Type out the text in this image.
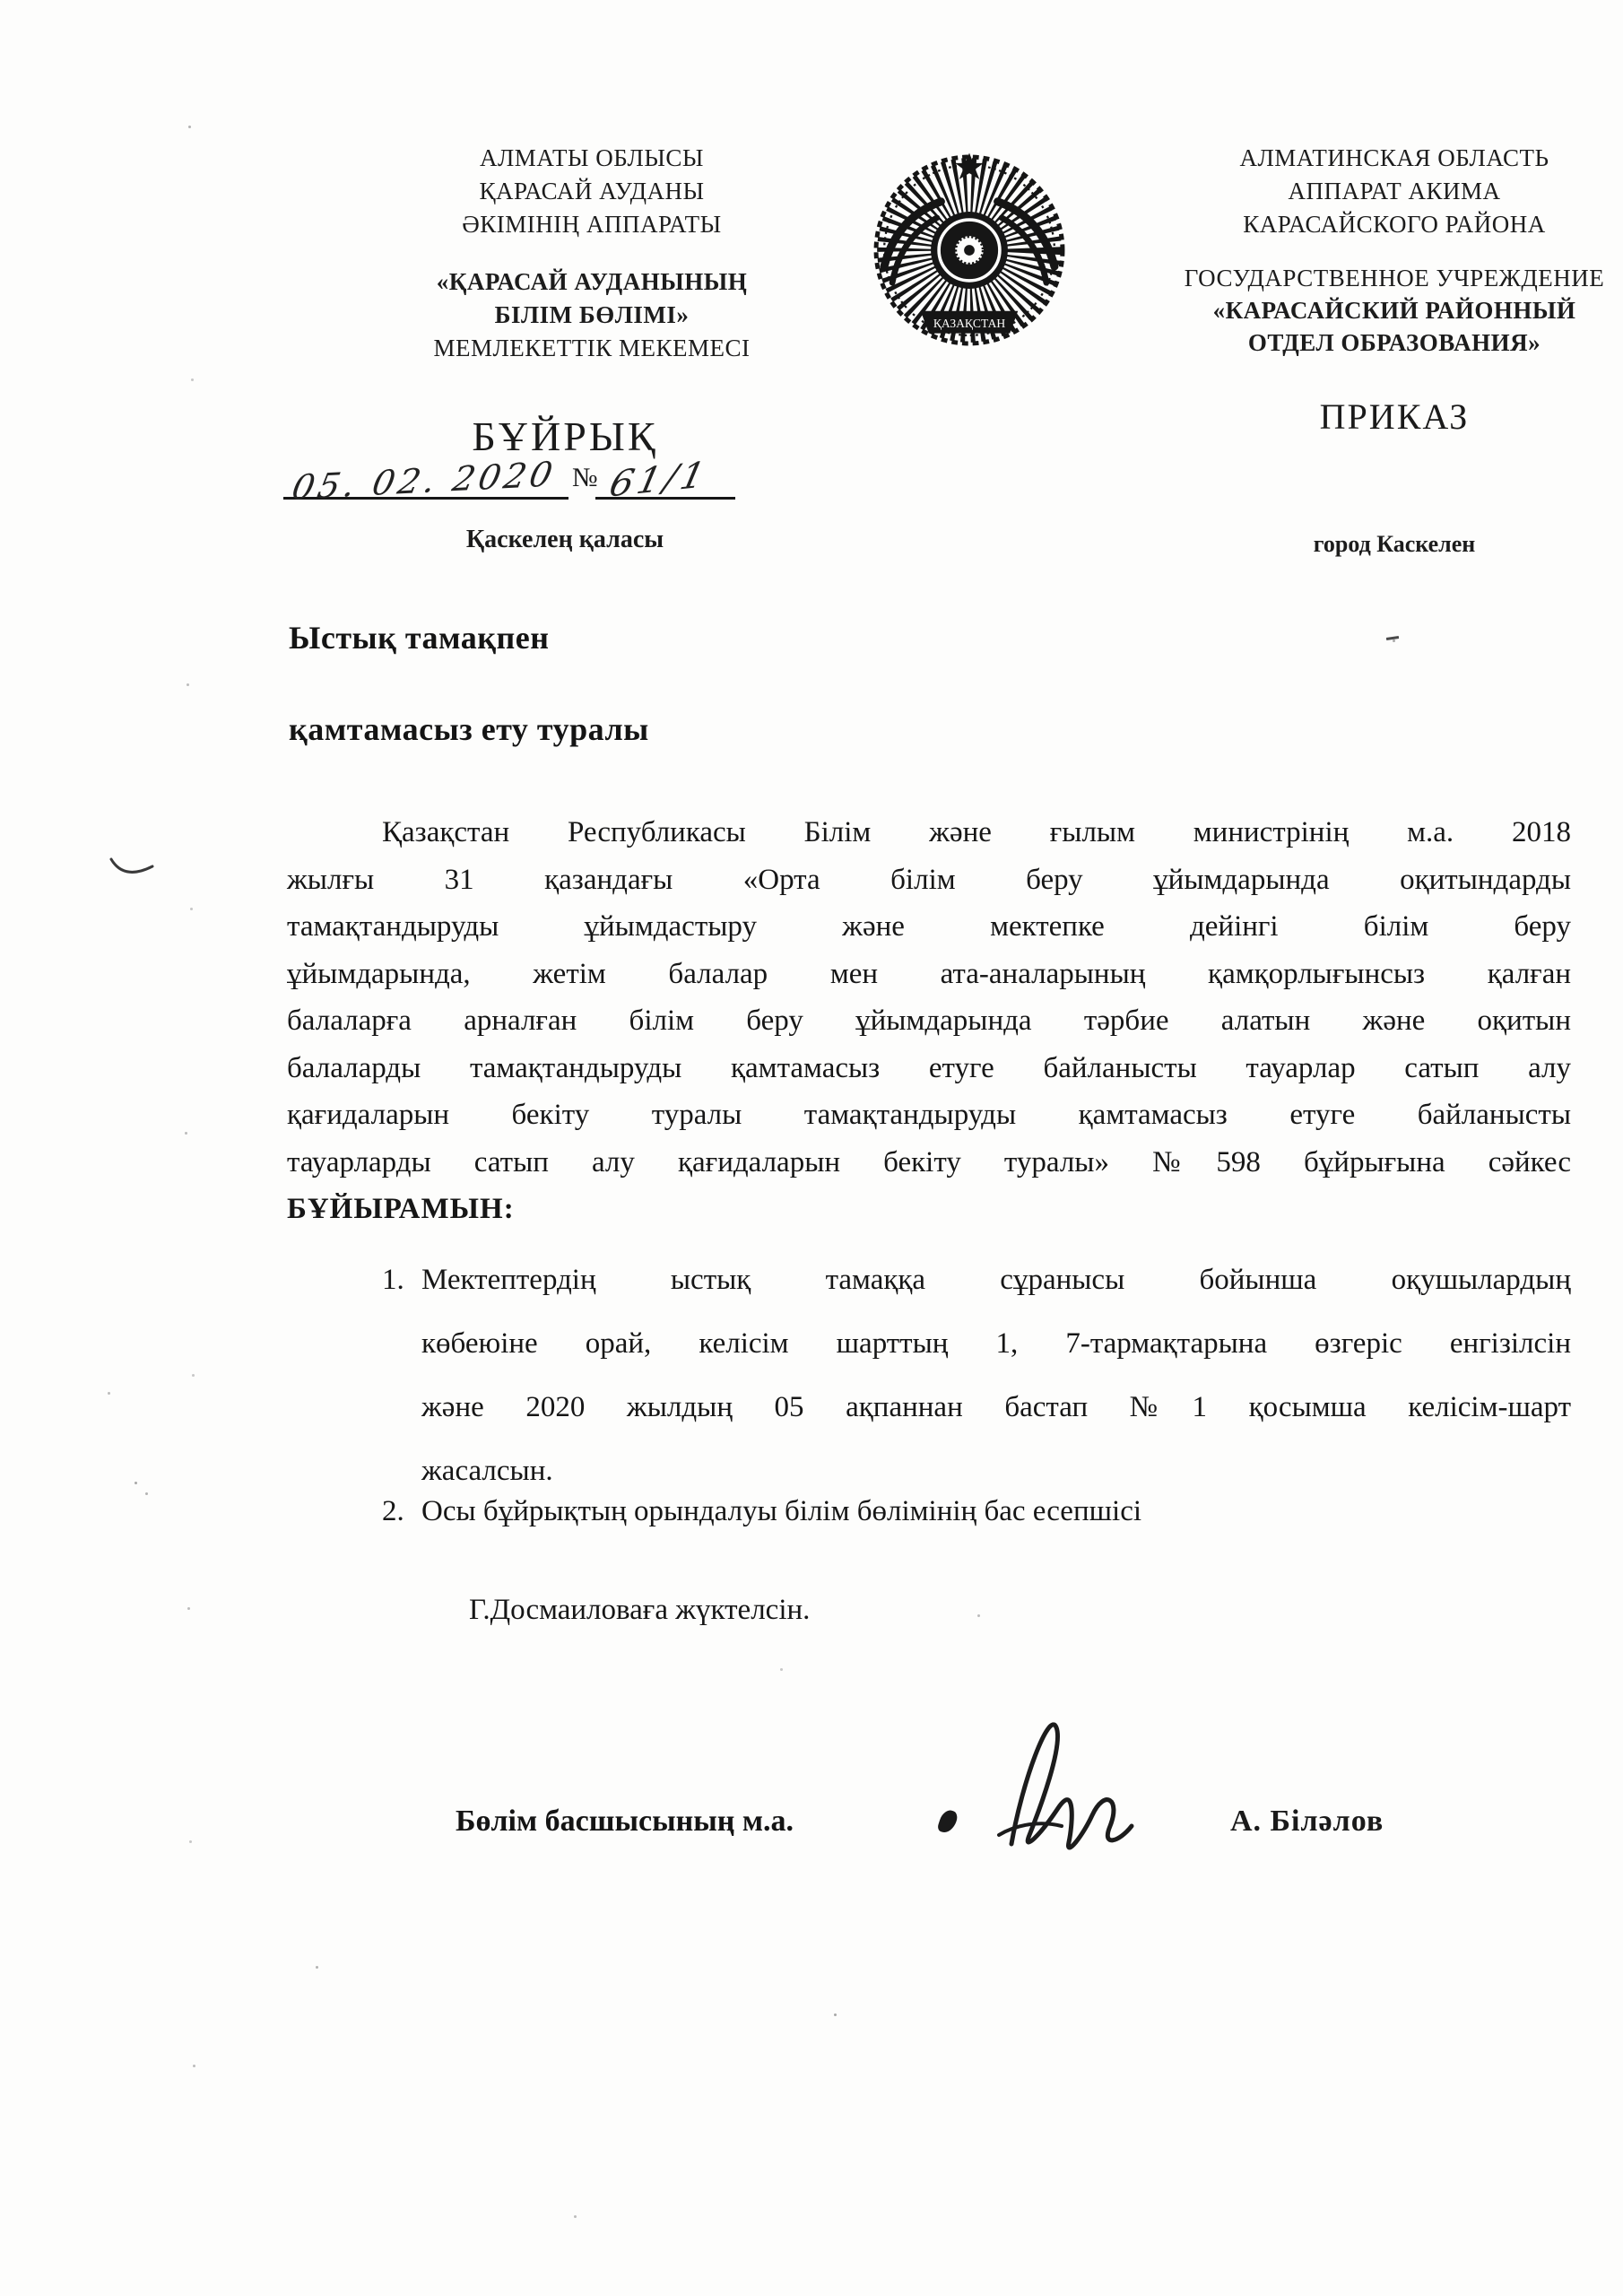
АЛМАТЫ ОБЛЫСЫ
ҚАРАСАЙ АУДАНЫ
ӘКІМІНІҢ АППАРАТЫ
«ҚАРАСАЙ АУДАНЫНЫҢ
БІЛІМ БӨЛІМІ»
МЕМЛЕКЕТТІК МЕКЕМЕСІ
ҚАЗАҚСТАН
АЛМАТИНСКАЯ ОБЛАСТЬ
АППАРАТ АКИМА
КАРАСАЙСКОГО РАЙОНА
ГОСУДАРСТВЕННОЕ УЧРЕЖДЕНИЕ
«КАРАСАЙСКИЙ РАЙОННЫЙ
ОТДЕЛ ОБРАЗОВАНИЯ»
БҰЙРЫҚ	ПРИКАЗ
05. 02. 2020 № 61/1
Қаскелең қаласы	город Каскелен
Ыстық тамақпен
қамтамасыз ету туралы
Қазақстан Республикасы Білім және ғылым министрінің м.а. 2018
жылғы 31 қазандағы «Орта білім беру ұйымдарында оқитындарды
тамақтандыруды ұйымдастыру және мектепке дейінгі білім беру
ұйымдарында, жетім балалар мен ата-аналарының қамқорлығынсыз қалған
балаларға арналған білім беру ұйымдарында тәрбие алатын және оқитын
балаларды тамақтандыруды қамтамасыз етуге байланысты тауарлар сатып алу
қағидаларын бекіту туралы тамақтандыруды қамтамасыз етуге байланысты
тауарларды сатып алу қағидаларын бекіту туралы» №598 бұйрығына сәйкес
БҰЙЫРАМЫН:
1. Мектептердің ыстық тамаққа сұранысы бойынша оқушылардың
көбеюіне орай, келісім шарттың 1, 7-тармақтарына өзгеріс енгізілсін
және 2020 жылдың 05 ақпаннан бастап №1 қосымша келісім-шарт
жасалсын.
2. Осы бұйрықтың орындалуы білім бөлімінің бас есепшісі
Г.Досмаиловаға жүктелсін.
Бөлім басшысының м.а.	А. Біләлов
